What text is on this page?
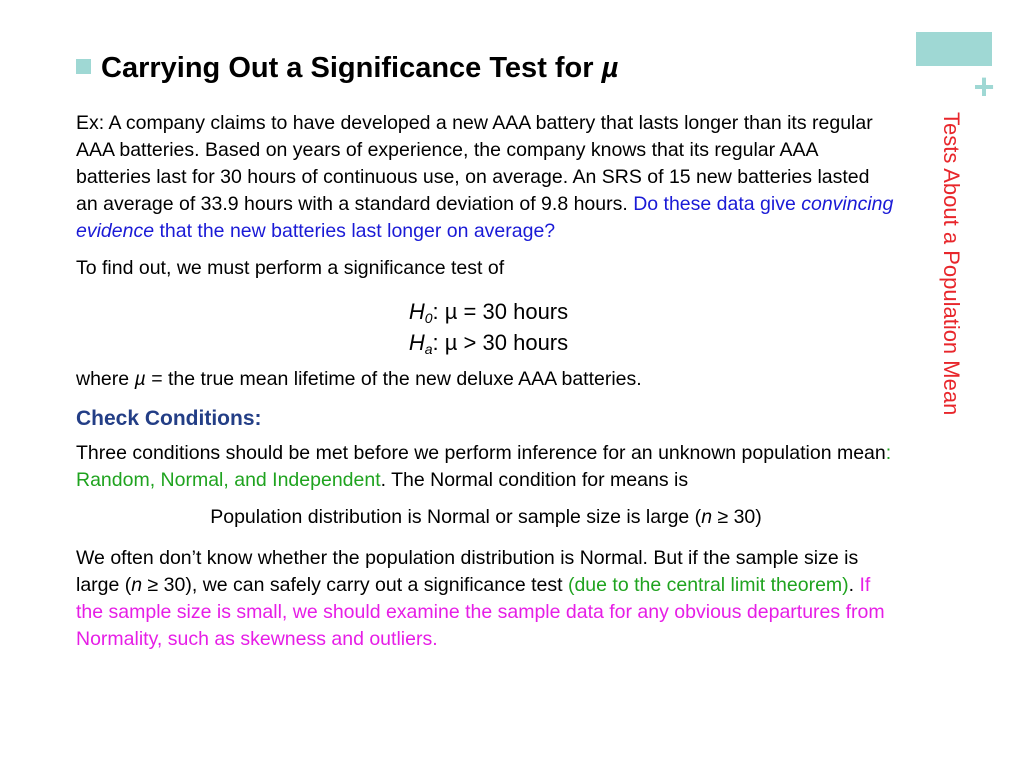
+
Tests About a Population Mean
Carrying Out a Significance Test for µ

Ex: A company claims to have developed a new AAA battery that lasts longer than its regular AAA batteries. Based on years of experience, the company knows that its regular AAA batteries last for 30 hours of continuous use, on average. An SRS of 15 new batteries lasted an average of 33.9 hours with a standard deviation of 9.8 hours. Do these data give convincing evidence that the new batteries last longer on average?

To find out, we must perform a significance test of

$H_0$: µ = 30 hours
$H_a$: µ > 30 hours

where µ = the true mean lifetime of the new deluxe AAA batteries.

Check Conditions:

Three conditions should be met before we perform inference for an unknown population mean: Random, Normal, and Independent. The Normal condition for means is

Population distribution is Normal or sample size is large (n ≥ 30)

We often don’t know whether the population distribution is Normal. But if the sample size is large (n ≥ 30), we can safely carry out a significance test (due to the central limit theorem). If the sample size is small, we should examine the sample data for any obvious departures from Normality, such as skewness and outliers.
